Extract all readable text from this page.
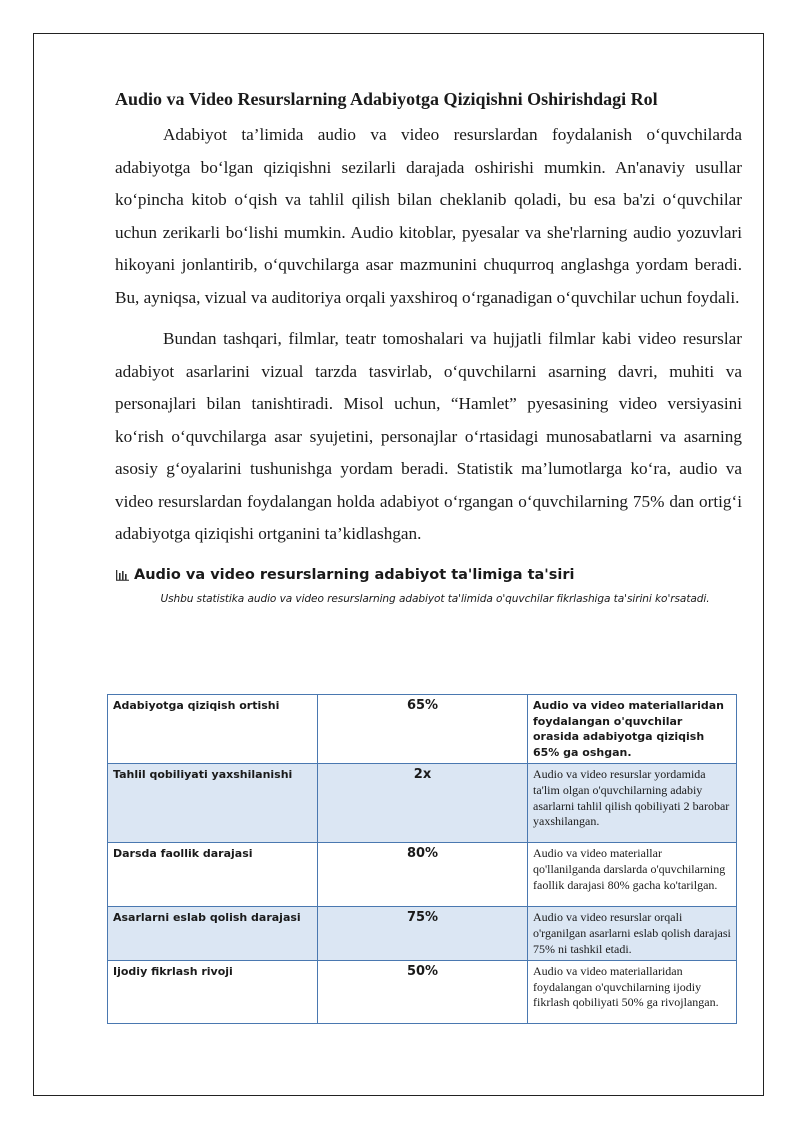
Audio va Video Resurslarning Adabiyotga Qiziqishni Oshirishdagi Rol

Adabiyot ta’limida audio va video resurslardan foydalanish o‘quvchilarda adabiyotga bo‘lgan qiziqishni sezilarli darajada oshirishi mumkin. An'anaviy usullar ko‘pincha kitob o‘qish va tahlil qilish bilan cheklanib qoladi, bu esa ba'zi o‘quvchilar uchun zerikarli bo‘lishi mumkin. Audio kitoblar, pyesalar va she'rlarning audio yozuvlari hikoyani jonlantirib, o‘quvchilarga asar mazmunini chuqurroq anglashga yordam beradi. Bu, ayniqsa, vizual va auditoriya orqali yaxshiroq o‘rganadigan o‘quvchilar uchun foydali.

Bundan tashqari, filmlar, teatr tomoshalari va hujjatli filmlar kabi video resurslar adabiyot asarlarini vizual tarzda tasvirlab, o‘quvchilarni asarning davri, muhiti va personajlari bilan tanishtiradi. Misol uchun, “Hamlet” pyesasining video versiyasini ko‘rish o‘quvchilarga asar syujetini, personajlar o‘rtasidagi munosabatlarni va asarning asosiy g‘oyalarini tushunishga yordam beradi. Statistik ma’lumotlarga ko‘ra, audio va video resurslardan foydalangan holda adabiyot o‘rgangan o‘quvchilarning 75% dan ortig‘i adabiyotga qiziqishi ortganini ta’kidlashgan.

Audio va video resurslarning adabiyot ta'limiga ta'siri
Ushbu statistika audio va video resurslarning adabiyot ta'limida o'quvchilar fikrlashiga ta'sirini ko'rsatadi.
Adabiyotga qiziqish ortishi	65%	Audio va video materiallaridan foydalangan o'quvchilar orasida adabiyotga qiziqish 65% ga oshgan.
Tahlil qobiliyati yaxshilanishi	2x	Audio va video resurslar yordamida ta'lim olgan o'quvchilarning adabiy asarlarni tahlil qilish qobiliyati 2 barobar yaxshilangan.
Darsda faollik darajasi	80%	Audio va video materiallar qo'llanilganda darslarda o'quvchilarning faollik darajasi 80% gacha ko'tarilgan.
Asarlarni eslab qolish darajasi	75%	Audio va video resurslar orqali o'rganilgan asarlarni eslab qolish darajasi 75% ni tashkil etadi.
Ijodiy fikrlash rivoji	50%	Audio va video materiallaridan foydalangan o'quvchilarning ijodiy fikrlash qobiliyati 50% ga rivojlangan.
